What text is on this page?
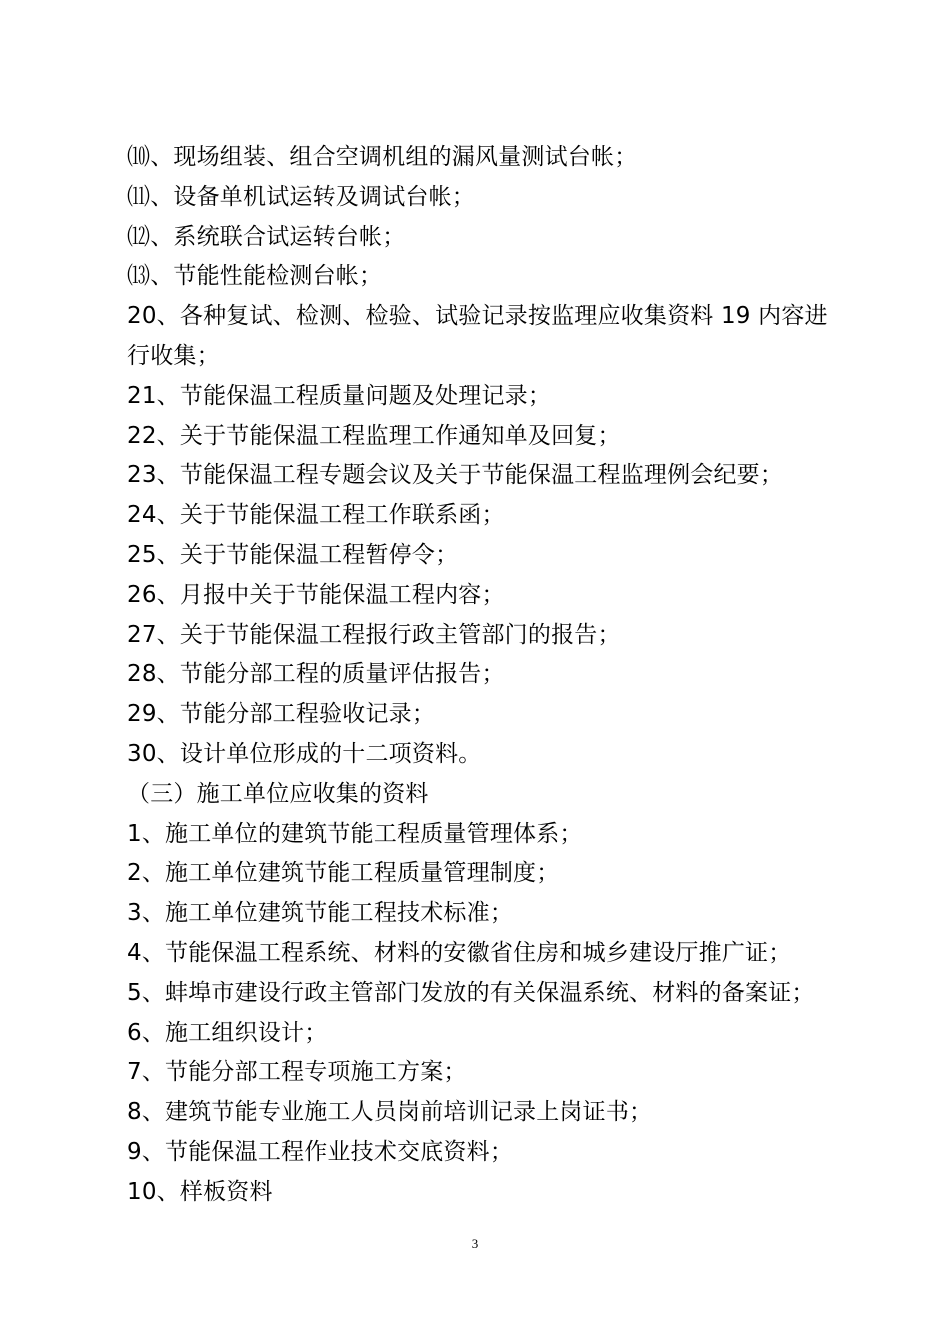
⑽、现场组装、组合空调机组的漏风量测试台帐；
⑾、设备单机试运转及调试台帐；
⑿、系统联合试运转台帐；
⒀、节能性能检测台帐；
20、各种复试、检测、检验、试验记录按监理应收集资料 19 内容进行收集；
21、节能保温工程质量问题及处理记录；
22、关于节能保温工程监理工作通知单及回复；
23、节能保温工程专题会议及关于节能保温工程监理例会纪要；
24、关于节能保温工程工作联系函；
25、关于节能保温工程暂停令；
26、月报中关于节能保温工程内容；
27、关于节能保温工程报行政主管部门的报告；
28、节能分部工程的质量评估报告；
29、节能分部工程验收记录；
30、设计单位形成的十二项资料。
（三）施工单位应收集的资料
1、施工单位的建筑节能工程质量管理体系；
2、施工单位建筑节能工程质量管理制度；
3、施工单位建筑节能工程技术标准；
4、节能保温工程系统、材料的安徽省住房和城乡建设厅推广证；
5、蚌埠市建设行政主管部门发放的有关保温系统、材料的备案证；
6、施工组织设计；
7、节能分部工程专项施工方案；
8、建筑节能专业施工人员岗前培训记录上岗证书；
9、节能保温工程作业技术交底资料；
10、样板资料
3
